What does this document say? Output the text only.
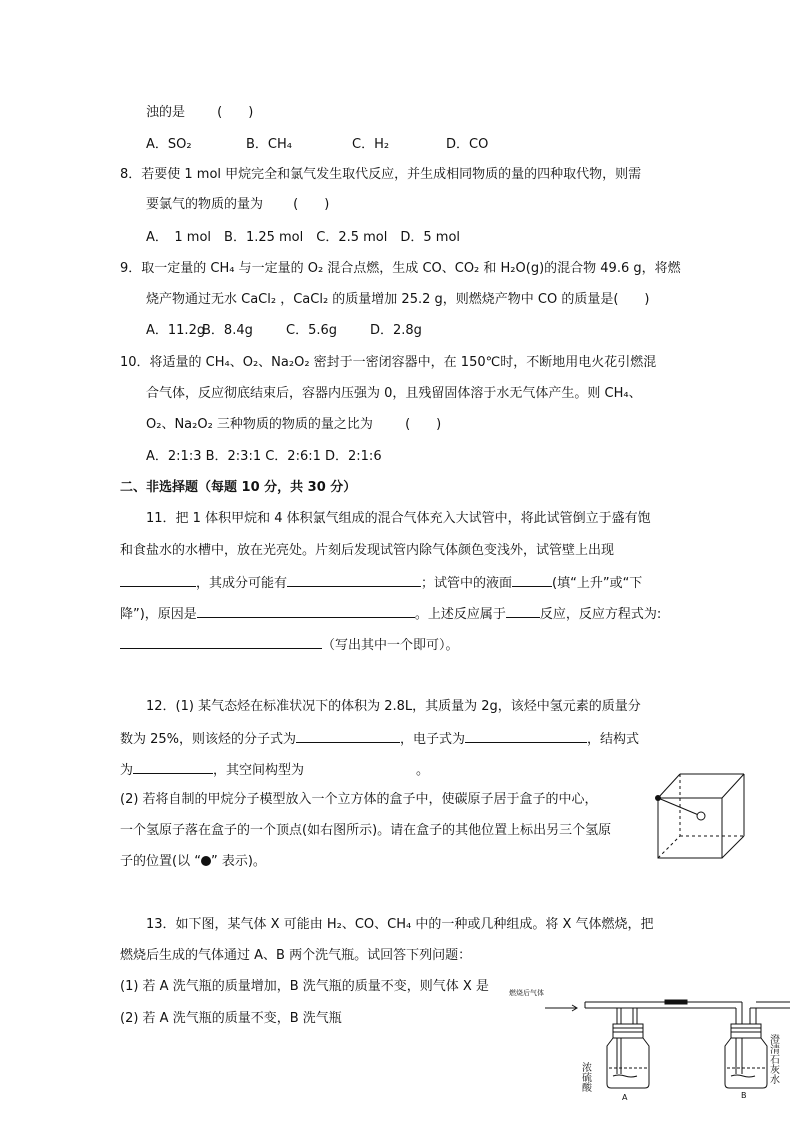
浊的是 (　　)
A．SO₂	B．CH₄	C．H₂	D．CO
8．若要使 1 mol 甲烷完全和氯气发生取代反应，并生成相同物质的量的四种取代物，则需
要氯气的物质的量为 (　　)
A．　1 mol　B．1.25 mol　C．2.5 mol　D．5 mol
9．取一定量的 CH₄ 与一定量的 O₂ 混合点燃，生成 CO、CO₂ 和 H₂O(g)的混合物 49.6 g，将燃
烧产物通过无水 CaCl₂ ，CaCl₂ 的质量增加 25.2 g，则燃烧产物中 CO 的质量是(　　)
A．11.2g
B．8.4g	C．5.6g	D．2.8g
10．将适量的 CH₄、O₂、Na₂O₂ 密封于一密闭容器中，在 150℃时，不断地用电火花引燃混
合气体，反应彻底结束后，容器内压强为 0，且残留固体溶于水无气体产生。则 CH₄、
O₂、Na₂O₂ 三种物质的物质的量之比为 (　　)
A．2:1:3 B．2:3:1 C．2:6:1 D．2:1:6
二、非选择题（每题 10 分，共 30 分）
11．把 1 体积甲烷和 4 体积氯气组成的混合气体充入大试管中，将此试管倒立于盛有饱
和食盐水的水槽中，放在光亮处。片刻后发现试管内除气体颜色变浅外，试管壁上出现
，其成分可能有	；试管中的液面	(填“上升”或“下
降”)，原因是	。上述反应属于	反应，反应方程式为:
（写出其中一个即可）。
12．(1) 某气态烃在标准状况下的体积为 2.8L，其质量为 2g，该烃中氢元素的质量分
数为 25%，则该烃的分子式为	，电子式为	，结构式
为	，其空间构型为	。
(2) 若将自制的甲烷分子模型放入一个立方体的盒子中，使碳原子居于盒子的中心，
一个氢原子落在盒子的一个顶点(如右图所示)。请在盒子的其他位置上标出另三个氢原
子的位置(以 “ ” 表示)。
13．如下图，某气体 X 可能由 H₂、CO、CH₄ 中的一种或几种组成。将 X 气体燃烧，把
燃烧后生成的气体通过 A、B 两个洗气瓶。试回答下列问题：
(1) 若 A 洗气瓶的质量增加，B 洗气瓶的质量不变，则气体 X 是
(2) 若 A 洗气瓶的质量不变，B 洗气瓶
燃烧后气体
浓硫酸
A
澄清石灰水
B
